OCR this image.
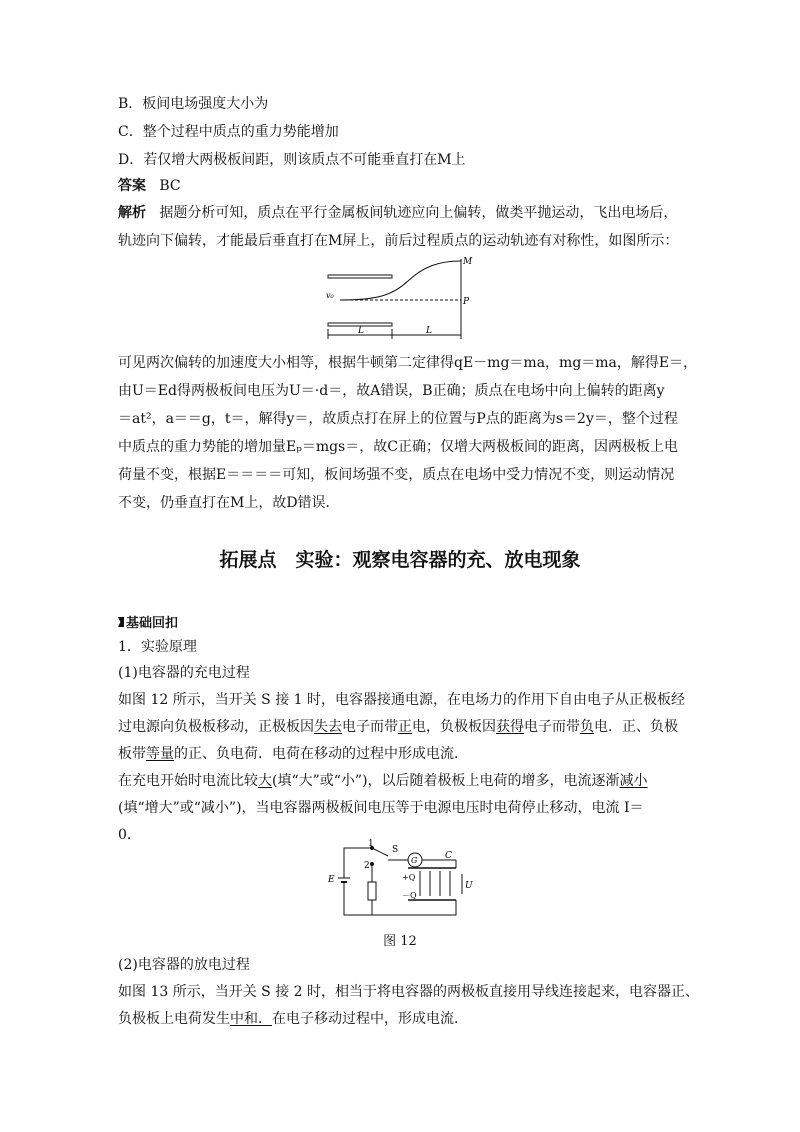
B．板间电场强度大小为
C．整个过程中质点的重力势能增加
D．若仅增大两极板间距，则该质点不可能垂直打在M上
答案 BC
解析 据题分析可知，质点在平行金属板间轨迹应向上偏转，做类平抛运动，飞出电场后，
轨迹向下偏转，才能最后垂直打在M屏上，前后过程质点的运动轨迹有对称性，如图所示：
M
P
v₀
L	L
可见两次偏转的加速度大小相等，根据牛顿第二定律得qE－mg＝ma，mg＝ma，解得E＝，
由U＝Ed得两极板间电压为U＝·d＝，故A错误，B正确；质点在电场中向上偏转的距离y
＝at²，a＝＝g，t＝，解得y＝，故质点打在屏上的位置与P点的距离为s＝2y＝，整个过程
中质点的重力势能的增加量Eₚ＝mgs＝，故C正确；仅增大两极板间的距离，因两极板上电
荷量不变，根据E＝＝＝＝可知，板间场强不变，质点在电场中受力情况不变，则运动情况
不变，仍垂直打在M上，故D错误．
拓展点　实验：观察电容器的充、放电现象
基础回扣
1．实验原理
(1)电容器的充电过程
如图 12 所示，当开关 S 接 1 时，电容器接通电源，在电场力的作用下自由电子从正极板经
过电源向负极板移动，正极板因失去电子而带正电，负极板因获得电子而带负电．正、负极
板带等量的正、负电荷．电荷在移动的过程中形成电流．
在充电开始时电流比较大(填“大”或“小”)，以后随着极板上电荷的增多，电流逐渐减小
(填“增大”或“减小”)，当电容器两极板间电压等于电源电压时电荷停止移动，电流 I＝
0．
1
2
S
G	C
E
U
+Q
－Q
图 12
(2)电容器的放电过程
如图 13 所示，当开关 S 接 2 时，相当于将电容器的两极板直接用导线连接起来，电容器正、
负极板上电荷发生中和．在电子移动过程中，形成电流．
